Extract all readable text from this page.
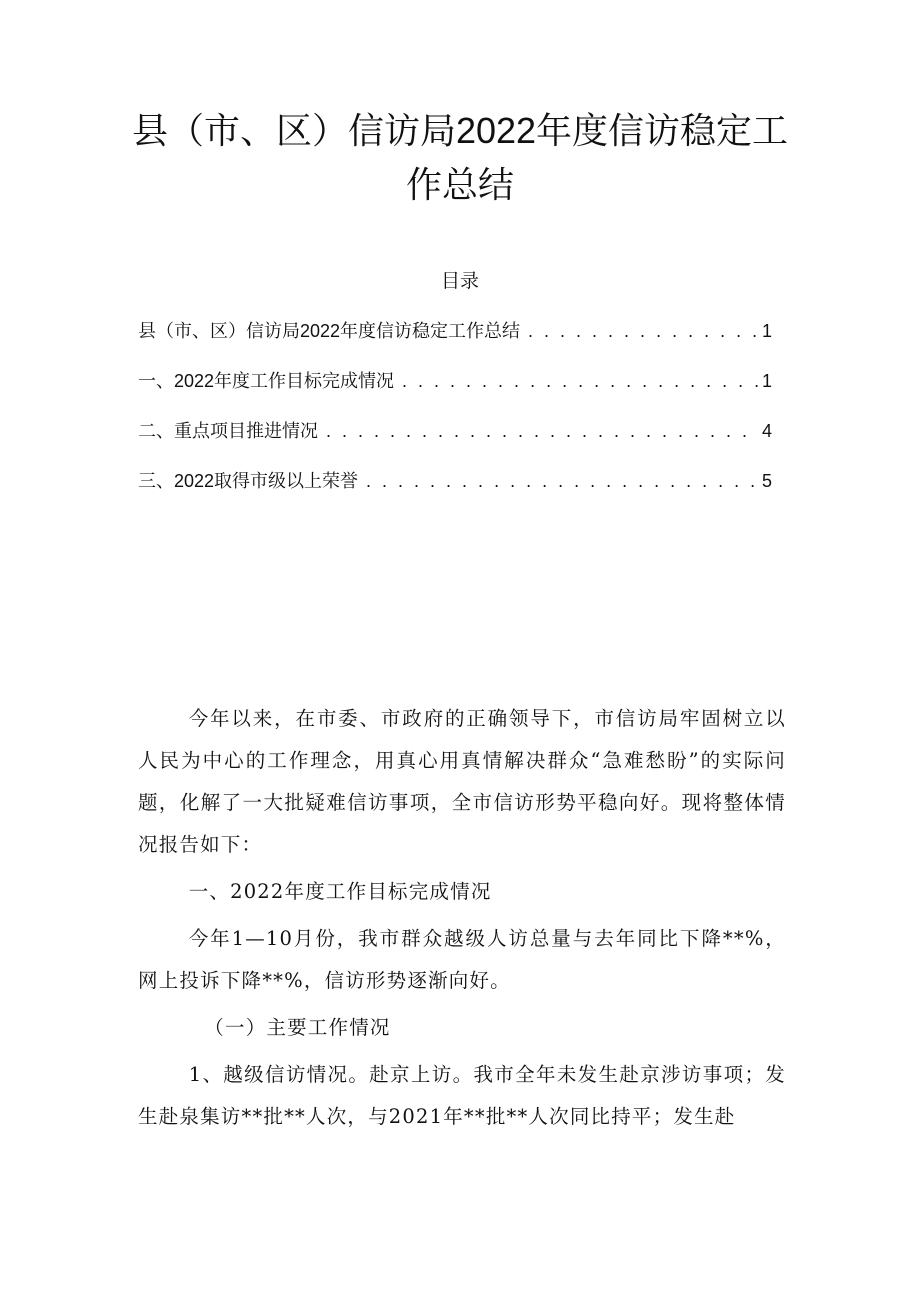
县（市、区）信访局2022年度信访稳定工作总结
目录
县（市、区）信访局2022年度信访稳定工作总结 . . .	1
一、2022年度工作目标完成情况 . . .	1
二、重点项目推进情况 . . .	4
三、2022取得市级以上荣誉 . . .	5

今年以来，在市委、市政府的正确领导下，市信访局牢固树立以人民为中心的工作理念，用真心用真情解决群众“急难愁盼”的实际问题，化解了一大批疑难信访事项，全市信访形势平稳向好。现将整体情况报告如下：

一、2022年度工作目标完成情况

今年1—10月份，我市群众越级人访总量与去年同比下降**%，网上投诉下降**%，信访形势逐渐向好。

（一）主要工作情况

1、越级信访情况。赴京上访。我市全年未发生赴京涉访事项；发生赴泉集访**批**人次，与2021年**批**人次同比持平；发生赴
